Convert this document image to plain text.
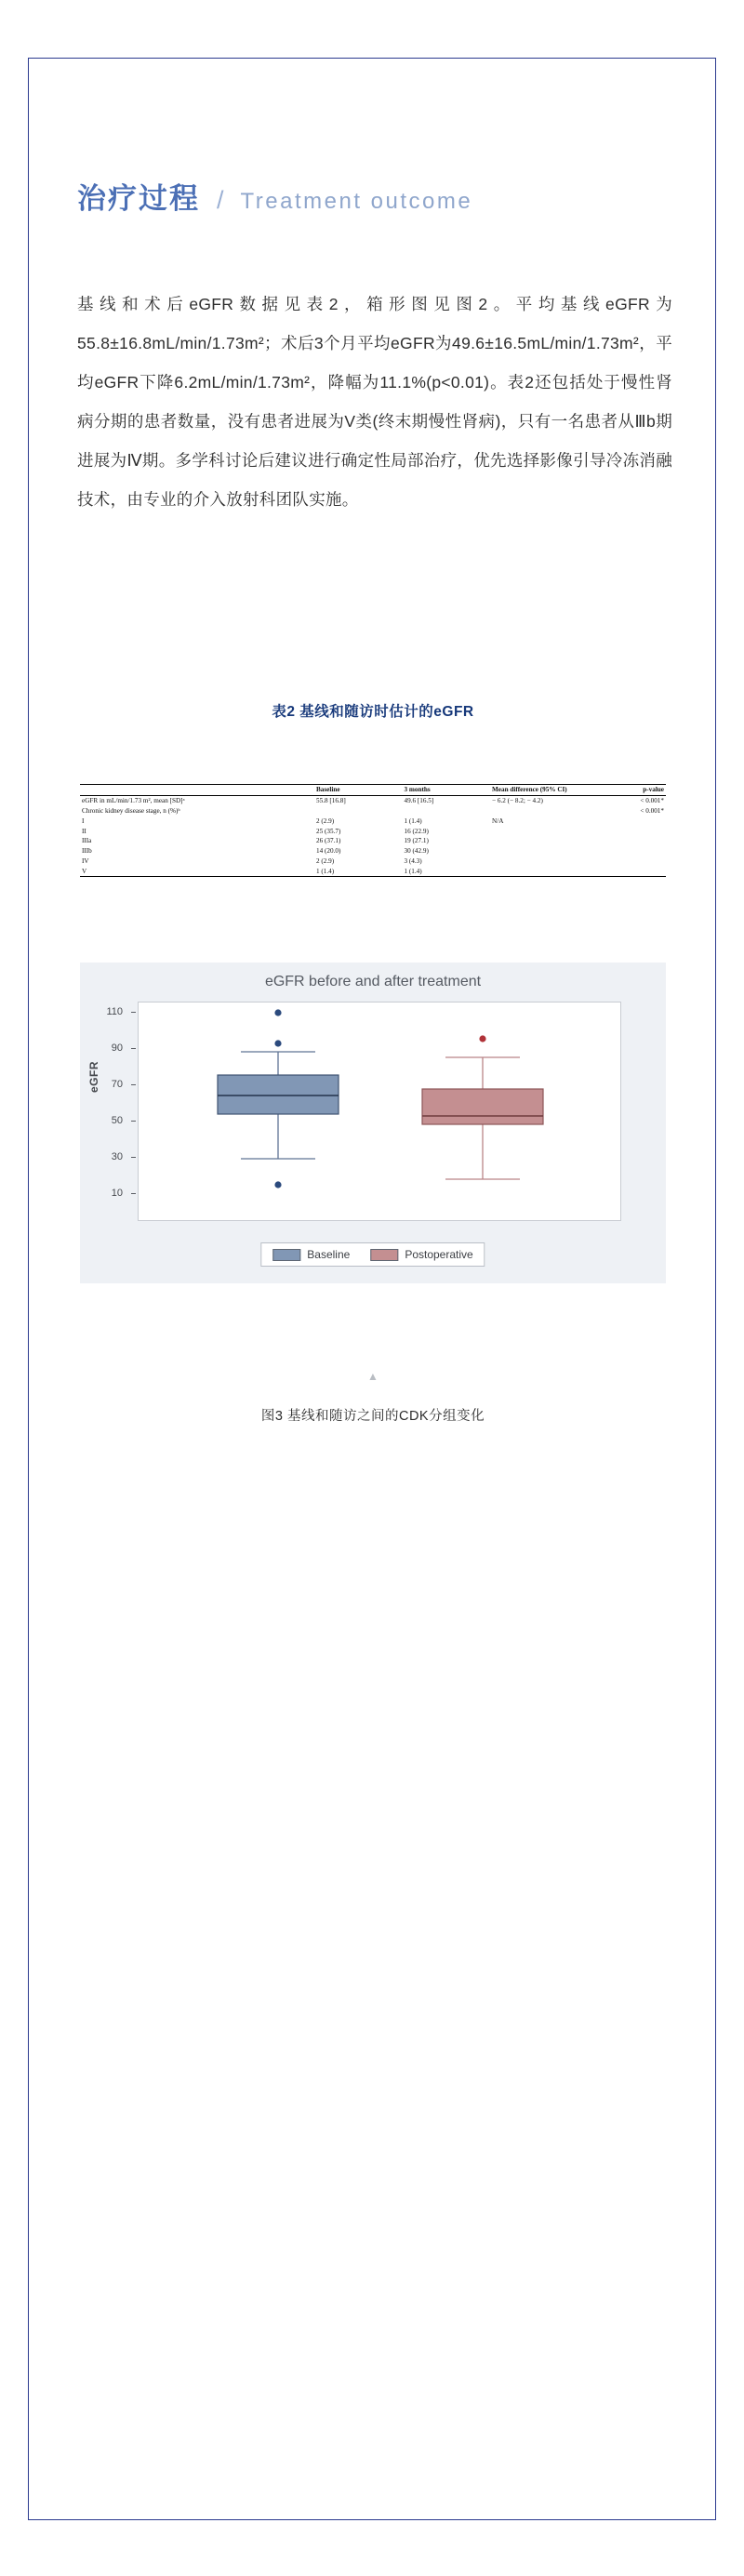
治疗过程 / Treatment outcome
基线和术后eGFR数据见表2，箱形图见图2。平均基线eGFR为55.8±16.8mL/min/1.73m²；术后3个月平均eGFR为49.6±16.5mL/min/1.73m²，平均eGFR下降6.2mL/min/1.73m²，降幅为11.1%(p<0.01)。表2还包括处于慢性肾病分期的患者数量，没有患者进展为V类(终末期慢性肾病)，只有一名患者从Ⅲb期进展为Ⅳ期。多学科讨论后建议进行确定性局部治疗，优先选择影像引导冷冻消融技术，由专业的介入放射科团队实施。
表2 基线和随访时估计的eGFR
	Baseline	3 months	Mean difference (95% CI)	p-value
eGFR in mL/min/1.73 m², mean [SD]ᵃ	55.8 [16.8]	49.6 [16.5]	− 6.2 (− 8.2; − 4.2)	< 0.001*
Chronic kidney disease stage, n (%)ᵇ				< 0.001*
I	2 (2.9)	1 (1.4)	N/A	
II	25 (35.7)	16 (22.9)		
IIIa	26 (37.1)	19 (27.1)		
IIIb	14 (20.0)	30 (42.9)		
IV	2 (2.9)	3 (4.3)		
V	1 (1.4)	1 (1.4)		
eGFR before and after treatment
eGFR
110
90
70
50
30
10
Baseline	Postoperative
▲
图3 基线和随访之间的CDK分组变化
